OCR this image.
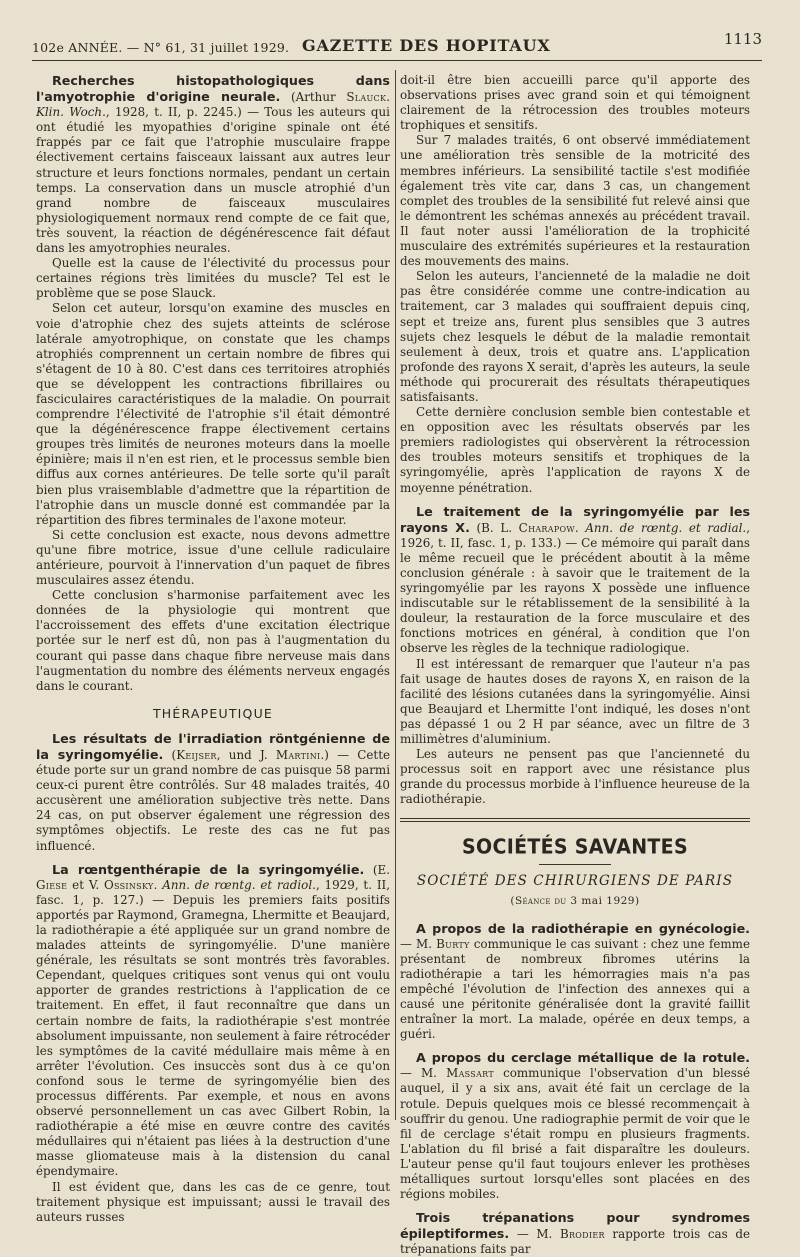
102e ANNÉE. — N° 61, 31 juillet 1929. GAZETTE DES HOPITAUX	1113

Recherches histopathologiques dans l'amyotrophie d'origine neurale. (Arthur Slauck. Klin. Woch., 1928, t. II, p. 2245.) — Tous les auteurs qui ont étudié les myopathies d'origine spinale ont été frappés par ce fait que l'atrophie musculaire frappe électivement certains faisceaux laissant aux autres leur structure et leurs fonctions normales, pendant un certain temps. La conservation dans un muscle atrophié d'un grand nombre de faisceaux musculaires physiologiquement normaux rend compte de ce fait que, très souvent, la réaction de dégénérescence fait défaut dans les amyotrophies neurales.

Quelle est la cause de l'électivité du processus pour certaines régions très limitées du muscle? Tel est le problème que se pose Slauck.

Selon cet auteur, lorsqu'on examine des muscles en voie d'atrophie chez des sujets atteints de sclérose latérale amyotrophique, on constate que les champs atrophiés comprennent un certain nombre de fibres qui s'étagent de 10 à 80. C'est dans ces territoires atrophiés que se développent les contractions fibrillaires ou fasciculaires caractéristiques de la maladie. On pourrait comprendre l'électivité de l'atrophie s'il était démontré que la dégénérescence frappe électivement certains groupes très limités de neurones moteurs dans la moelle épinière; mais il n'en est rien, et le processus semble bien diffus aux cornes antérieures. De telle sorte qu'il paraît bien plus vraisemblable d'admettre que la répartition de l'atrophie dans un muscle donné est commandée par la répartition des fibres terminales de l'axone moteur.

Si cette conclusion est exacte, nous devons admettre qu'une fibre motrice, issue d'une cellule radiculaire antérieure, pourvoit à l'innervation d'un paquet de fibres musculaires assez étendu.

Cette conclusion s'harmonise parfaitement avec les données de la physiologie qui montrent que l'accroissement des effets d'une excitation électrique portée sur le nerf est dû, non pas à l'augmentation du courant qui passe dans chaque fibre nerveuse mais dans l'augmentation du nombre des éléments nerveux engagés dans le courant.

THÉRAPEUTIQUE

Les résultats de l'irradiation röntgénienne de la syringomyélie. (Keijser, und J. Martini.) — Cette étude porte sur un grand nombre de cas puisque 58 parmi ceux-ci purent être contrôlés. Sur 48 malades traités, 40 accusèrent une amélioration subjective très nette. Dans 24 cas, on put observer également une régression des symptômes objectifs. Le reste des cas ne fut pas influencé.

La rœntgenthérapie de la syringomyélie. (E. Giese et V. Ossinsky. Ann. de rœntg. et radiol., 1929, t. II, fasc. 1, p. 127.) — Depuis les premiers faits positifs apportés par Raymond, Gramegna, Lhermitte et Beaujard, la radiothérapie a été appliquée sur un grand nombre de malades atteints de syringomyélie. D'une manière générale, les résultats se sont montrés très favorables. Cependant, quelques critiques sont venus qui ont voulu apporter de grandes restrictions à l'application de ce traitement. En effet, il faut reconnaître que dans un certain nombre de faits, la radiothérapie s'est montrée absolument impuissante, non seulement à faire rétrocéder les symptômes de la cavité médullaire mais même à en arrêter l'évolution. Ces insuccès sont dus à ce qu'on confond sous le terme de syringomyélie bien des processus différents. Par exemple, et nous en avons observé personnellement un cas avec Gilbert Robin, la radiothérapie a été mise en œuvre contre des cavités médullaires qui n'étaient pas liées à la destruction d'une masse gliomateuse mais à la distension du canal épendymaire.

Il est évident que, dans les cas de ce genre, tout traitement physique est impuissant; aussi le travail des auteurs russes

doit-il être bien accueilli parce qu'il apporte des observations prises avec grand soin et qui témoignent clairement de la rétrocession des troubles moteurs trophiques et sensitifs.

Sur 7 malades traités, 6 ont observé immédiatement une amélioration très sensible de la motricité des membres inférieurs. La sensibilité tactile s'est modifiée également très vite car, dans 3 cas, un changement complet des troubles de la sensibilité fut relevé ainsi que le démontrent les schémas annexés au précédent travail. Il faut noter aussi l'amélioration de la trophicité musculaire des extrémités supérieures et la restauration des mouvements des mains.

Selon les auteurs, l'ancienneté de la maladie ne doit pas être considérée comme une contre-indication au traitement, car 3 malades qui souffraient depuis cinq, sept et treize ans, furent plus sensibles que 3 autres sujets chez lesquels le début de la maladie remontait seulement à deux, trois et quatre ans. L'application profonde des rayons X serait, d'après les auteurs, la seule méthode qui procurerait des résultats thérapeutiques satisfaisants.

Cette dernière conclusion semble bien contestable et en opposition avec les résultats observés par les premiers radiologistes qui observèrent la rétrocession des troubles moteurs sensitifs et trophiques de la syringomyélie, après l'application de rayons X de moyenne pénétration.

Le traitement de la syringomyélie par les rayons X. (B. L. Charapow. Ann. de rœntg. et radial., 1926, t. II, fasc. 1, p. 133.) — Ce mémoire qui paraît dans le même recueil que le précédent aboutit à la même conclusion générale : à savoir que le traitement de la syringomyélie par les rayons X possède une influence indiscutable sur le rétablissement de la sensibilité à la douleur, la restauration de la force musculaire et des fonctions motrices en général, à condition que l'on observe les règles de la technique radiologique.

Il est intéressant de remarquer que l'auteur n'a pas fait usage de hautes doses de rayons X, en raison de la facilité des lésions cutanées dans la syringomyélie. Ainsi que Beaujard et Lhermitte l'ont indiqué, les doses n'ont pas dépassé 1 ou 2 H par séance, avec un filtre de 3 millimètres d'aluminium.

Les auteurs ne pensent pas que l'ancienneté du processus soit en rapport avec une résistance plus grande du processus morbide à l'influence heureuse de la radiothérapie.

SOCIÉTÉS SAVANTES
SOCIÉTÉ DES CHIRURGIENS DE PARIS
(Séance du 3 mai 1929)

A propos de la radiothérapie en gynécologie. — M. Burty communique le cas suivant : chez une femme présentant de nombreux fibromes utérins la radiothérapie a tari les hémorragies mais n'a pas empêché l'évolution de l'infection des annexes qui a causé une péritonite généralisée dont la gravité faillit entraîner la mort. La malade, opérée en deux temps, a guéri.

A propos du cerclage métallique de la rotule. — M. Massart communique l'observation d'un blessé auquel, il y a six ans, avait été fait un cerclage de la rotule. Depuis quelques mois ce blessé recommençait à souffrir du genou. Une radiographie permit de voir que le fil de cerclage s'était rompu en plusieurs fragments. L'ablation du fil brisé a fait disparaître les douleurs. L'auteur pense qu'il faut toujours enlever les prothèses métalliques surtout lorsqu'elles sont placées en des régions mobiles.

Trois trépanations pour syndromes épileptiformes. — M. Brodier rapporte trois cas de trépanations faits par
